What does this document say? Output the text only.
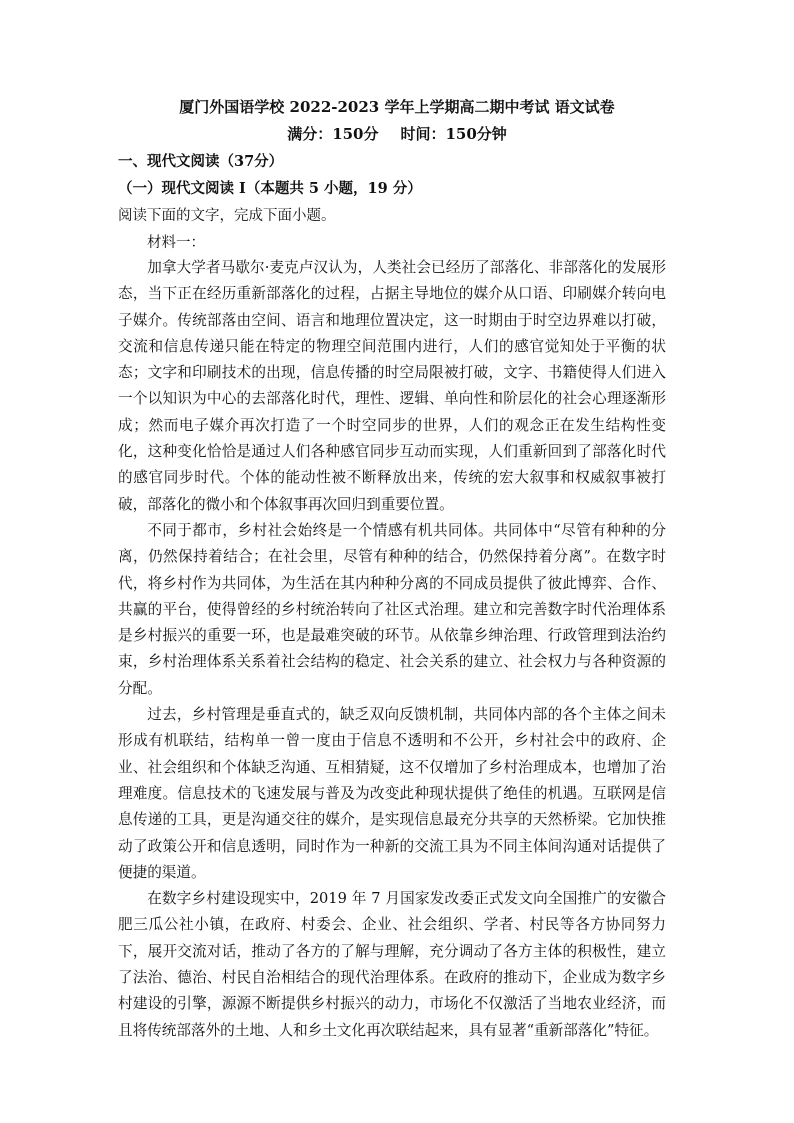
厦门外国语学校 2022-2023 学年上学期高二期中考试 语文试卷
满分：150分 时间：150分钟
一、现代文阅读（37分）
（一）现代文阅读 Ⅰ（本题共 5 小题，19 分）
阅读下面的文字，完成下面小题。
材料一：

加拿大学者马歇尔·麦克卢汉认为，人类社会已经历了部落化、非部落化的发展形态，当下正在经历重新部落化的过程，占据主导地位的媒介从口语、印刷媒介转向电子媒介。传统部落由空间、语言和地理位置决定，这一时期由于时空边界难以打破，交流和信息传递只能在特定的物理空间范围内进行，人们的感官觉知处于平衡的状态；文字和印刷技术的出现，信息传播的时空局限被打破，文字、书籍使得人们进入一个以知识为中心的去部落化时代，理性、逻辑、单向性和阶层化的社会心理逐渐形成；然而电子媒介再次打造了一个时空同步的世界，人们的观念正在发生结构性变化，这种变化恰恰是通过人们各种感官同步互动而实现，人们重新回到了部落化时代的感官同步时代。个体的能动性被不断释放出来，传统的宏大叙事和权威叙事被打破，部落化的微小和个体叙事再次回归到重要位置。

不同于都市，乡村社会始终是一个情感有机共同体。共同体中“尽管有种种的分离，仍然保持着结合；在社会里，尽管有种种的结合，仍然保持着分离”。在数字时代，将乡村作为共同体，为生活在其内种种分离的不同成员提供了彼此博弈、合作、共赢的平台，使得曾经的乡村统治转向了社区式治理。建立和完善数字时代治理体系是乡村振兴的重要一环，也是最难突破的环节。从依靠乡绅治理、行政管理到法治约束，乡村治理体系关系着社会结构的稳定、社会关系的建立、社会权力与各种资源的分配。

过去，乡村管理是垂直式的，缺乏双向反馈机制，共同体内部的各个主体之间未形成有机联结，结构单一曾一度由于信息不透明和不公开，乡村社会中的政府、企业、社会组织和个体缺乏沟通、互相猜疑，这不仅增加了乡村治理成本，也增加了治理难度。信息技术的飞速发展与普及为改变此种现状提供了绝佳的机遇。互联网是信息传递的工具，更是沟通交往的媒介，是实现信息最充分共享的天然桥梁。它加快推动了政策公开和信息透明，同时作为一种新的交流工具为不同主体间沟通对话提供了便捷的渠道。

在数字乡村建设现实中，2019 年 7 月国家发改委正式发文向全国推广的安徽合肥三瓜公社小镇，在政府、村委会、企业、社会组织、学者、村民等各方协同努力下，展开交流对话，推动了各方的了解与理解，充分调动了各方主体的积极性，建立了法治、德治、村民自治相结合的现代治理体系。在政府的推动下，企业成为数字乡村建设的引擎，源源不断提供乡村振兴的动力，市场化不仅激活了当地农业经济，而且将传统部落外的土地、人和乡土文化再次联结起来，具有显著“重新部落化”特征。
